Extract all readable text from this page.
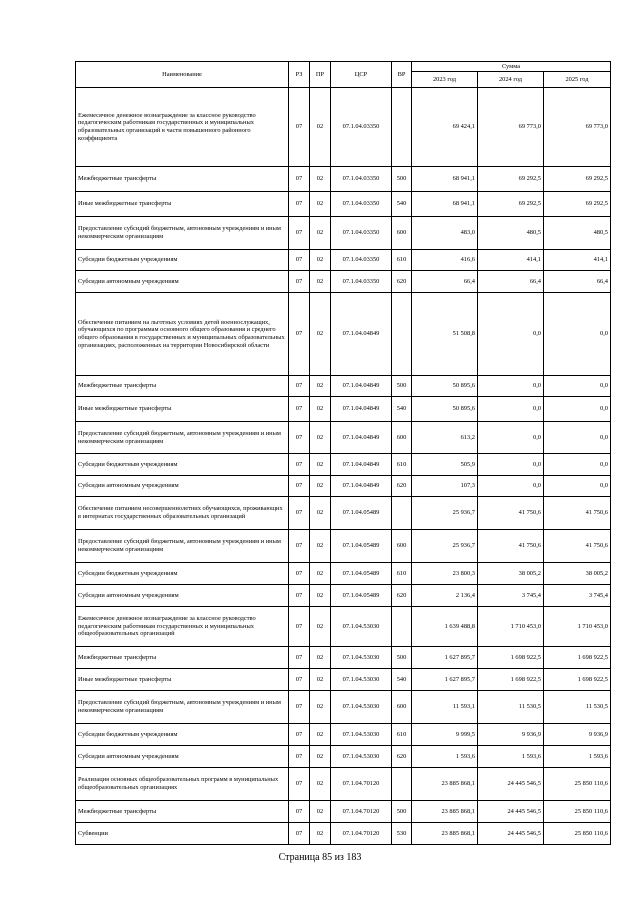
Наименование	РЗ	ПР	ЦСР	ВР	Сумма		
					2023 год	2024 год	2025 год
Ежемесячное денежное вознаграждение за классное руководство педагогическим работникам государственных и муниципальных образовательных организаций в части повышенного районного коэффициента	07	02	07.1.04.03350		69 424,1	69 773,0	69 773,0
Межбюджетные трансферты	07	02	07.1.04.03350	500	68 941,1	69 292,5	69 292,5
Иные межбюджетные трансферты	07	02	07.1.04.03350	540	68 941,1	69 292,5	69 292,5
Предоставление субсидий бюджетным, автономным учреждениям и иным некоммерческим организациям	07	02	07.1.04.03350	600	483,0	480,5	480,5
Субсидии бюджетным учреждениям	07	02	07.1.04.03350	610	416,6	414,1	414,1
Субсидии автономным учреждениям	07	02	07.1.04.03350	620	66,4	66,4	66,4
Обеспечение питанием на льготных условиях детей военнослужащих, обучающихся по программам основного общего образования и среднего общего образования в государственных и муниципальных образовательных организациях, расположенных на территории Новосибирской области	07	02	07.1.04.04849		51 508,8	0,0	0,0
Межбюджетные трансферты	07	02	07.1.04.04849	500	50 895,6	0,0	0,0
Иные межбюджетные трансферты	07	02	07.1.04.04849	540	50 895,6	0,0	0,0
Предоставление субсидий бюджетным, автономным учреждениям и иным некоммерческим организациям	07	02	07.1.04.04849	600	613,2	0,0	0,0
Субсидии бюджетным учреждениям	07	02	07.1.04.04849	610	505,9	0,0	0,0
Субсидии автономным учреждениям	07	02	07.1.04.04849	620	107,3	0,0	0,0
Обеспечение питанием несовершеннолетних обучающихся, проживающих в интернатах государственных образовательных организаций	07	02	07.1.04.05489		25 936,7	41 750,6	41 750,6
Предоставление субсидий бюджетным, автономным учреждениям и иным некоммерческим организациям	07	02	07.1.04.05489	600	25 936,7	41 750,6	41 750,6
Субсидии бюджетным учреждениям	07	02	07.1.04.05489	610	23 800,3	38 005,2	38 005,2
Субсидии автономным учреждениям	07	02	07.1.04.05489	620	2 136,4	3 745,4	3 745,4
Ежемесячное денежное вознаграждение за классное руководство педагогическим работникам государственных и муниципальных общеобразовательных организаций	07	02	07.1.04.53030		1 639 488,8	1 710 453,0	1 710 453,0
Межбюджетные трансферты	07	02	07.1.04.53030	500	1 627 895,7	1 698 922,5	1 698 922,5
Иные межбюджетные трансферты	07	02	07.1.04.53030	540	1 627 895,7	1 698 922,5	1 698 922,5
Предоставление субсидий бюджетным, автономным учреждениям и иным некоммерческим организациям	07	02	07.1.04.53030	600	11 593,1	11 530,5	11 530,5
Субсидии бюджетным учреждениям	07	02	07.1.04.53030	610	9 999,5	9 936,9	9 936,9
Субсидии автономным учреждениям	07	02	07.1.04.53030	620	1 593,6	1 593,6	1 593,6
Реализация основных общеобразовательных программ в муниципальных общеобразовательных организациях	07	02	07.1.04.70120		23 885 868,1	24 445 546,5	25 850 110,6
Межбюджетные трансферты	07	02	07.1.04.70120	500	23 885 868,1	24 445 546,5	25 850 110,6
Субвенции	07	02	07.1.04.70120	530	23 885 868,1	24 445 546,5	25 850 110,6
Страница 85 из 183
